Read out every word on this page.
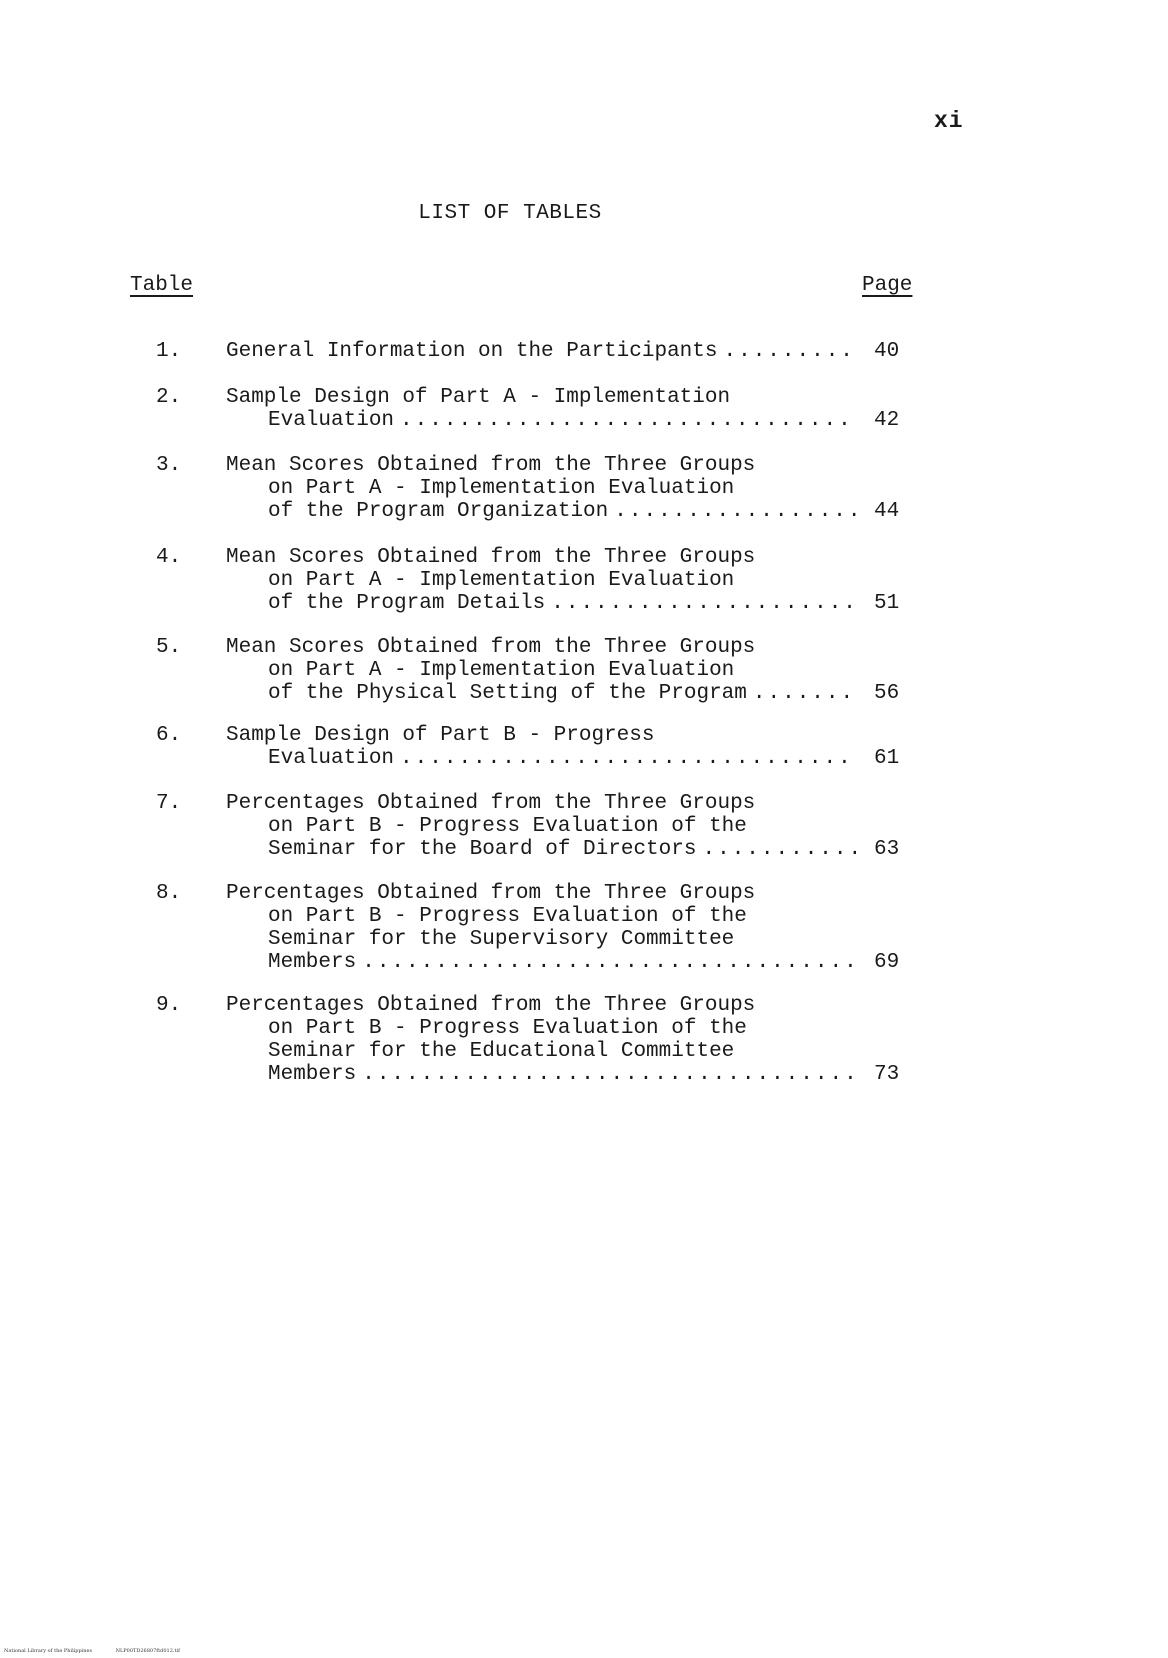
xi
LIST OF TABLES
Table	Page
1.	General Information on the Participants .....	40
2.	Sample Design of Part A - Implementation
Evaluation .....	42
3.	Mean Scores Obtained from the Three Groups
on Part A - Implementation Evaluation
of the Program Organization .....	44
4.	Mean Scores Obtained from the Three Groups
on Part A - Implementation Evaluation
of the Program Details .....	51
5.	Mean Scores Obtained from the Three Groups
on Part A - Implementation Evaluation
of the Physical Setting of the Program .....	56
6.	Sample Design of Part B - Progress
Evaluation .....	61
7.	Percentages Obtained from the Three Groups
on Part B - Progress Evaluation of the
Seminar for the Board of Directors .....	63
8.	Percentages Obtained from the Three Groups
on Part B - Progress Evaluation of the
Seminar for the Supervisory Committee
Members .....	69
9.	Percentages Obtained from the Three Groups
on Part B - Progress Evaluation of the
Seminar for the Educational Committee
Members .....	73
National Library of the Philippines	NLP00TD26807ftd012.tif
